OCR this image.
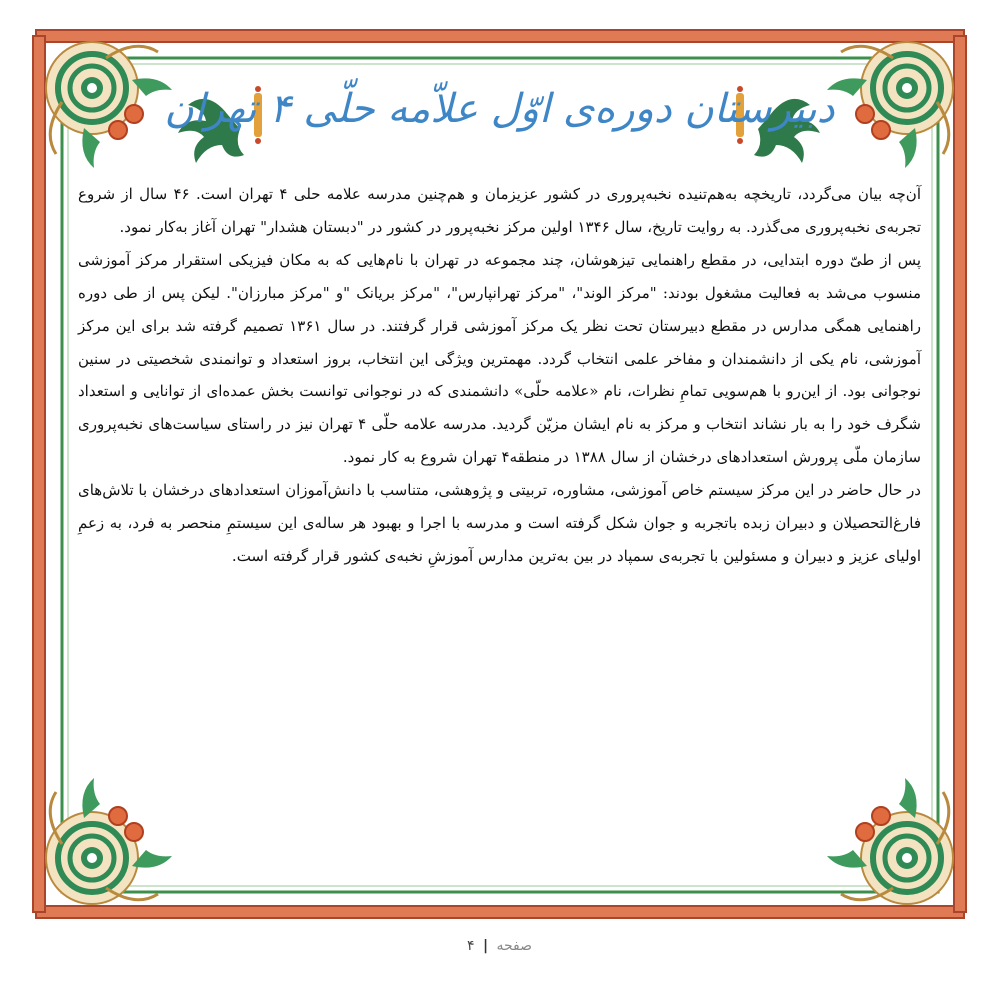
دبیرستان دوره‌ی اوّل علاّمه حلّی ۴ تهران

آن‌چه بیان می‌گردد، تاریخچه به‌هم‌تنیده نخبه‌پروری در کشور عزیزمان و هم‌چنین مدرسه علامه حلی ۴ تهران است. ۴۶ سال از شروع تجربه‌ی نخبه‌پروری می‌گذرد. به روایت تاریخ، سال ۱۳۴۶ اولین مرکز نخبه‌پرور در کشور در "دبستان هشدار" تهران آغاز به‌کار نمود.

پس از طیّ دوره ابتدایی، در مقطع راهنمایی تیزهوشان، چند مجموعه در تهران با نام‌هایی که به مکان فیزیکی استقرار مرکز آموزشی منسوب می‌شد به فعالیت مشغول بودند: "مرکز الوند"، "مرکز تهرانپارس"، "مرکز بریانک "و "مرکز مبارزان". لیکن پس از طی دوره راهنمایی همگی مدارس در مقطع دبیرستان تحت نظر یک مرکز آموزشی قرار گرفتند. در سال ۱۳۶۱ تصمیم گرفته شد برای این مرکز آموزشی، نام یکی از دانشمندان و مفاخر علمی انتخاب گردد. مهمترین ویژگی این انتخاب، بروز استعداد و توانمندی شخصیتی در سنین نوجوانی بود. از این‌رو با هم‌سویی تمامِ نظرات، نام «علامه حلّی» دانشمندی که در نوجوانی توانست بخش عمده‌ای از توانایی و استعداد شگرف خود را به بار نشاند انتخاب و مرکز به نام ایشان مزیّن گردید. مدرسه علامه حلّی ۴ تهران نیز در راستای سیاست‌های نخبه‌پروری سازمان ملّی پرورش استعدادهای درخشان از سال ۱۳۸۸ در منطقه۴ تهران شروع به کار نمود.

در حال حاضر در این مرکز سیستم خاص آموزشی، مشاوره، تربیتی و پژوهشی، متناسب با دانش‌آموزان استعدادهای درخشان با تلاش‌های فارغ‌التحصیلان و دبیران زبده باتجربه و جوان شکل گرفته است و مدرسه با اجرا و بهبود هر ساله‌ی این سیستمِ منحصر به فرد، به زعمِ اولیای عزیز و دبیران و مسئولین با تجربه‌ی سمپاد در بین به‌ترین مدارس آموزشِ نخبه‌ی کشور قرار گرفته است.

صفحه | ۴
